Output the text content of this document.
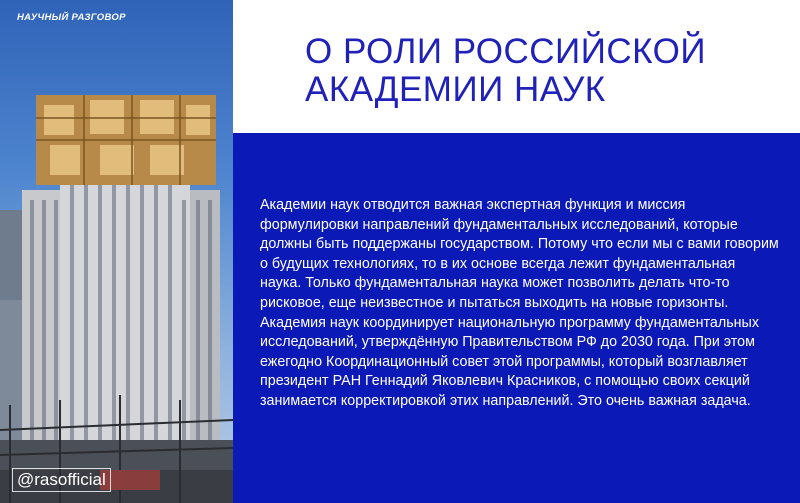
НАУЧНЫЙ РАЗГОВОР
@rasofficial
О РОЛИ РОССИЙСКОЙ
АКАДЕМИИ НАУК

Академии наук отводится важная экспертная функция и миссия формулировки направлений фундаментальных исследований, которые должны быть поддержаны государством. Потому что если мы с вами говорим о будущих технологиях, то в их основе всегда лежит фундаментальная наука. Только фундаментальная наука может позволить делать что-то рисковое, еще неизвестное и пытаться выходить на новые горизонты. Академия наук координирует национальную программу фундаментальных исследований, утверждённую Правительством РФ до 2030 года. При этом ежегодно Координационный совет этой программы, который возглавляет президент РАН Геннадий Яковлевич Красников, с помощью своих секций занимается корректировкой этих направлений. Это очень важная задача.
